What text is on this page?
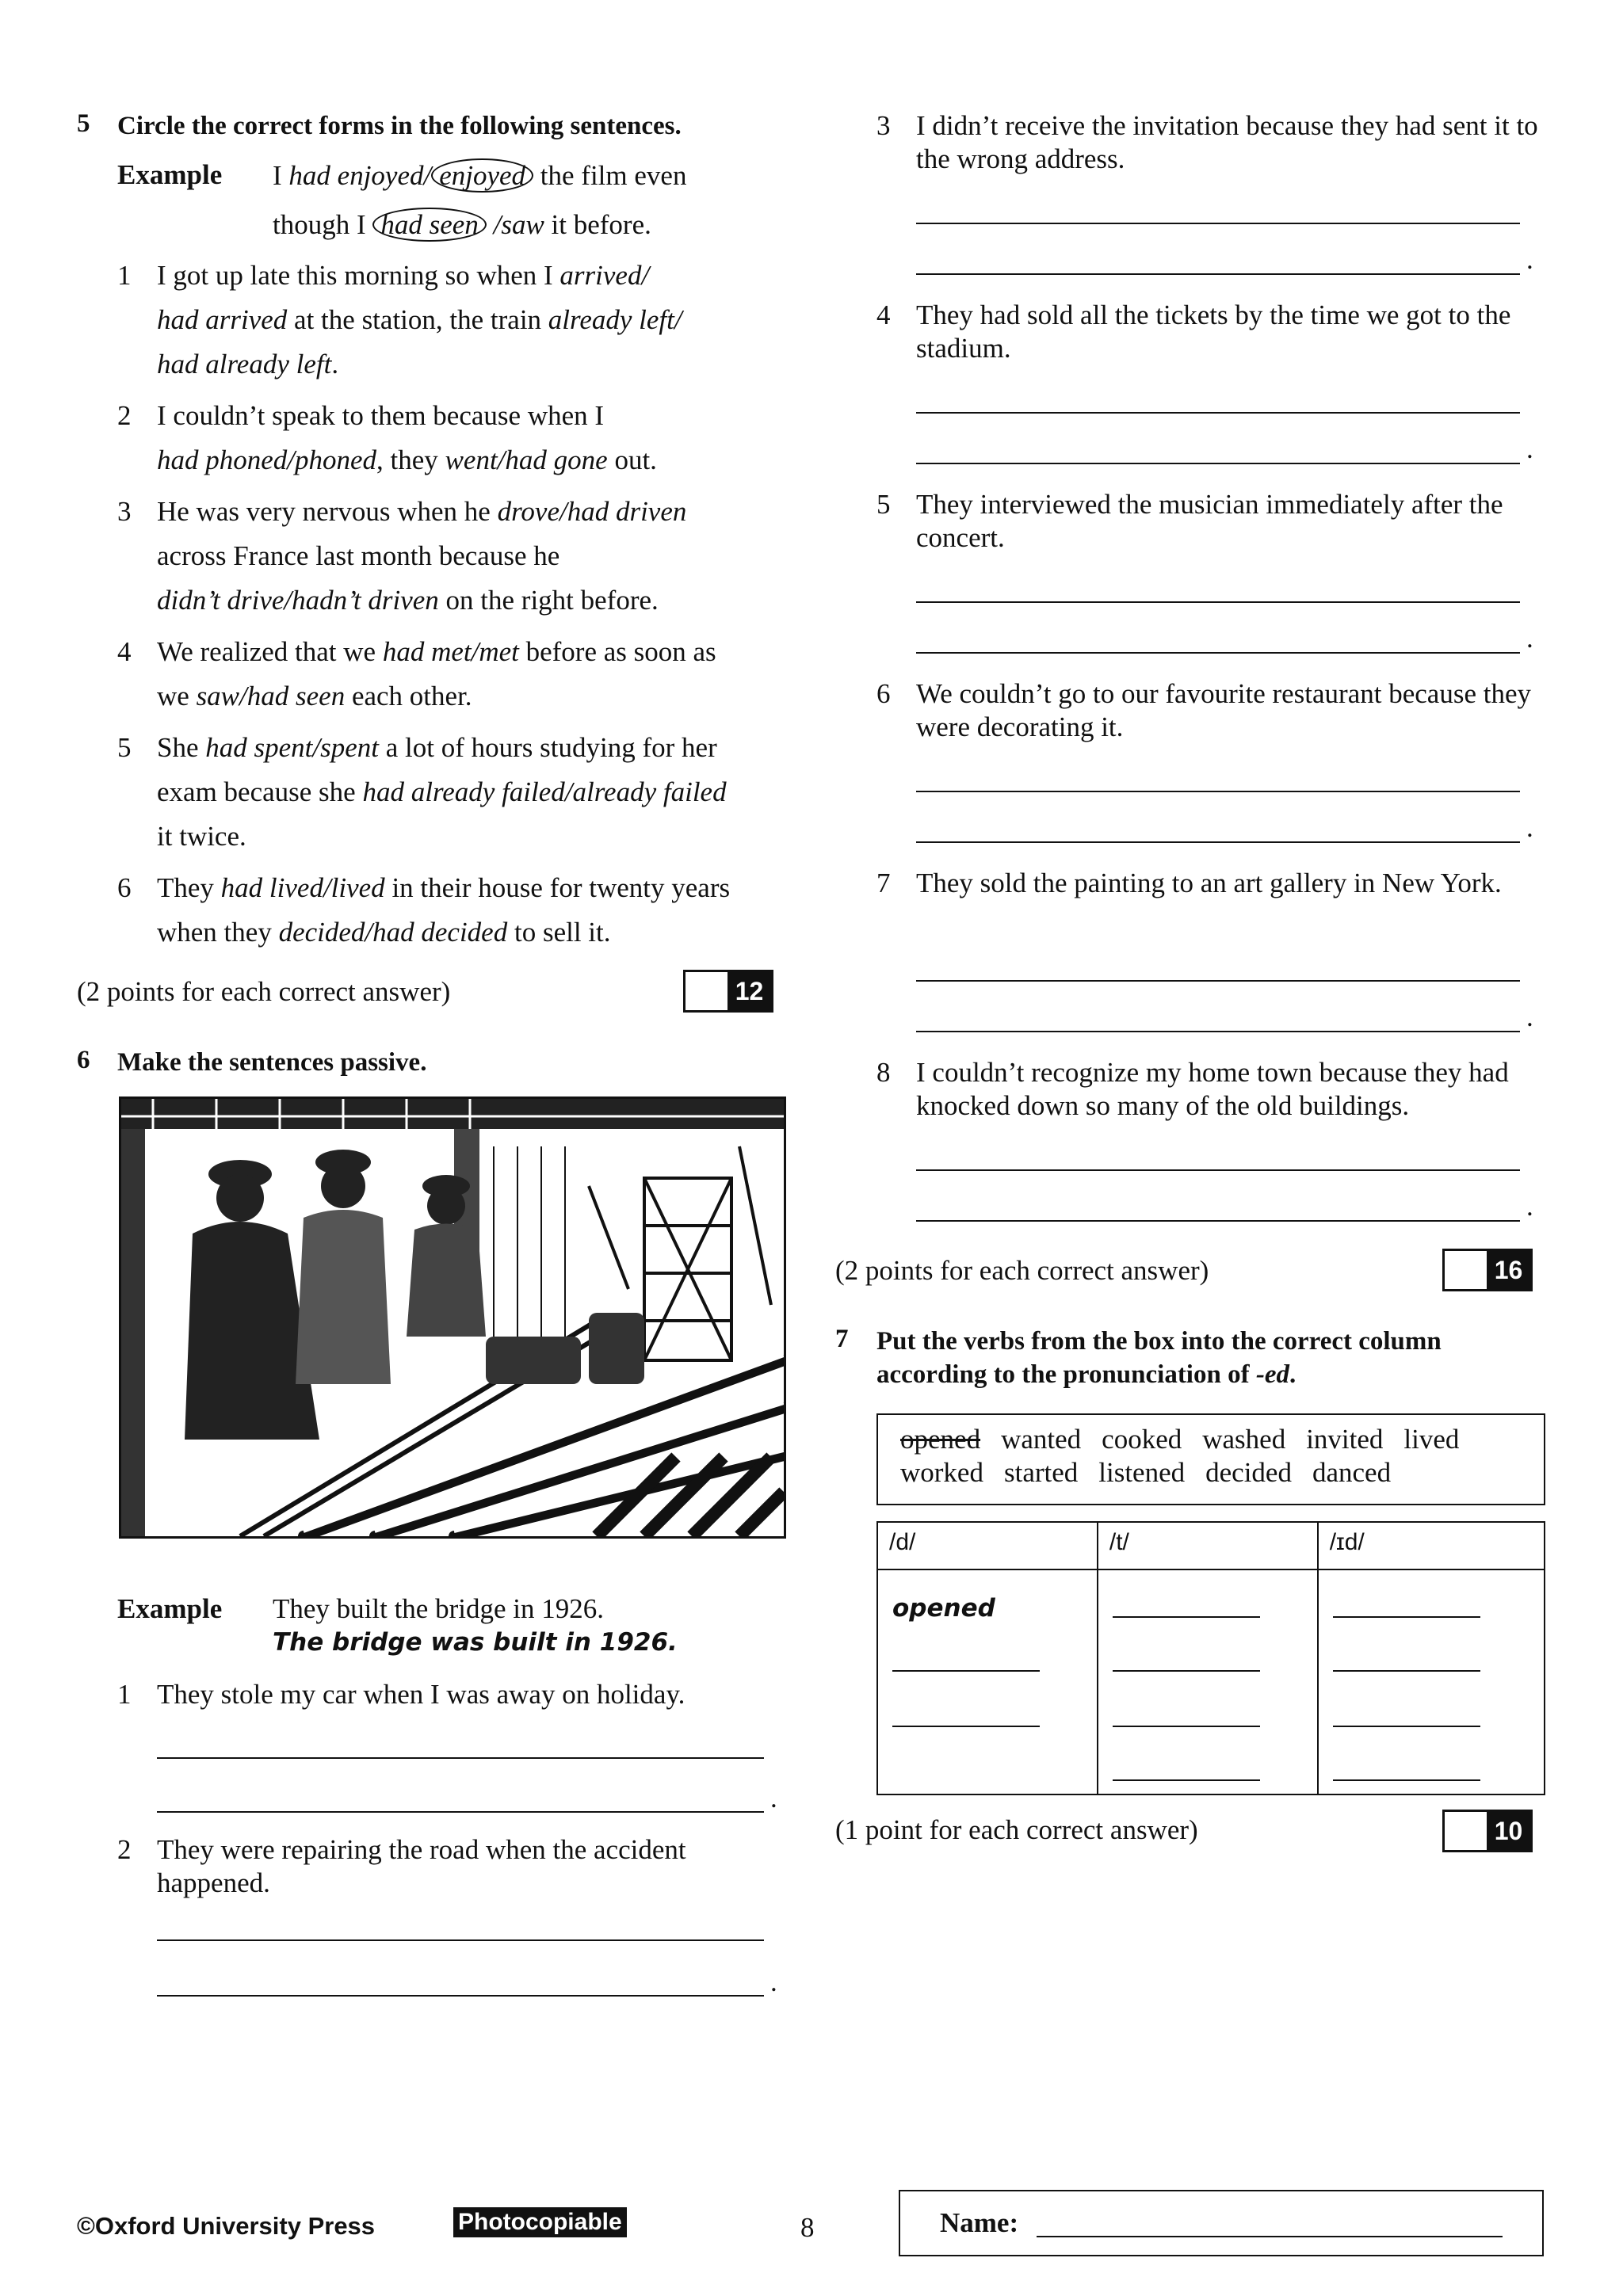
5 Circle the correct forms in the following sentences.
Example I had enjoyed/ enjoyed the film even
though I had seen /saw it before.
1 I got up late this morning so when I arrived/
had arrived at the station, the train already left/
had already left.
2 I couldn’t speak to them because when I
had phoned/phoned, they went/had gone out.
3 He was very nervous when he drove/had driven
across France last month because he
didn’t drive/hadn’t driven on the right before.
4 We realized that we had met/met before as soon as
we saw/had seen each other.
5 She had spent/spent a lot of hours studying for her
exam because she had already failed/already failed
it twice.
6 They had lived/lived in their house for twenty years
when they decided/had decided to sell it.
(2 points for each correct answer)	12
6 Make the sentences passive.
Example They built the bridge in 1926.
The bridge was built in 1926.
1 They stole my car when I was away on holiday.
.
2 They were repairing the road when the accident happened.
.
3 I didn’t receive the invitation because they had sent it to the wrong address.
.
4 They had sold all the tickets by the time we got to the stadium.
.
5 They interviewed the musician immediately after the concert.
.
6 We couldn’t go to our favourite restaurant because they were decorating it.
.
7 They sold the painting to an art gallery in New York.
.
8 I couldn’t recognize my home town because they had knocked down so many of the old buildings.
.
(2 points for each correct answer)	16
7 Put the verbs from the box into the correct column
according to the pronunciation of -ed.
opened wanted cooked washed invited lived
worked started listened decided danced
/d/	/t/	/ɪd/

opened		

(1 point for each correct answer)	10
©Oxford University Press	Photocopiable	8	Name:
